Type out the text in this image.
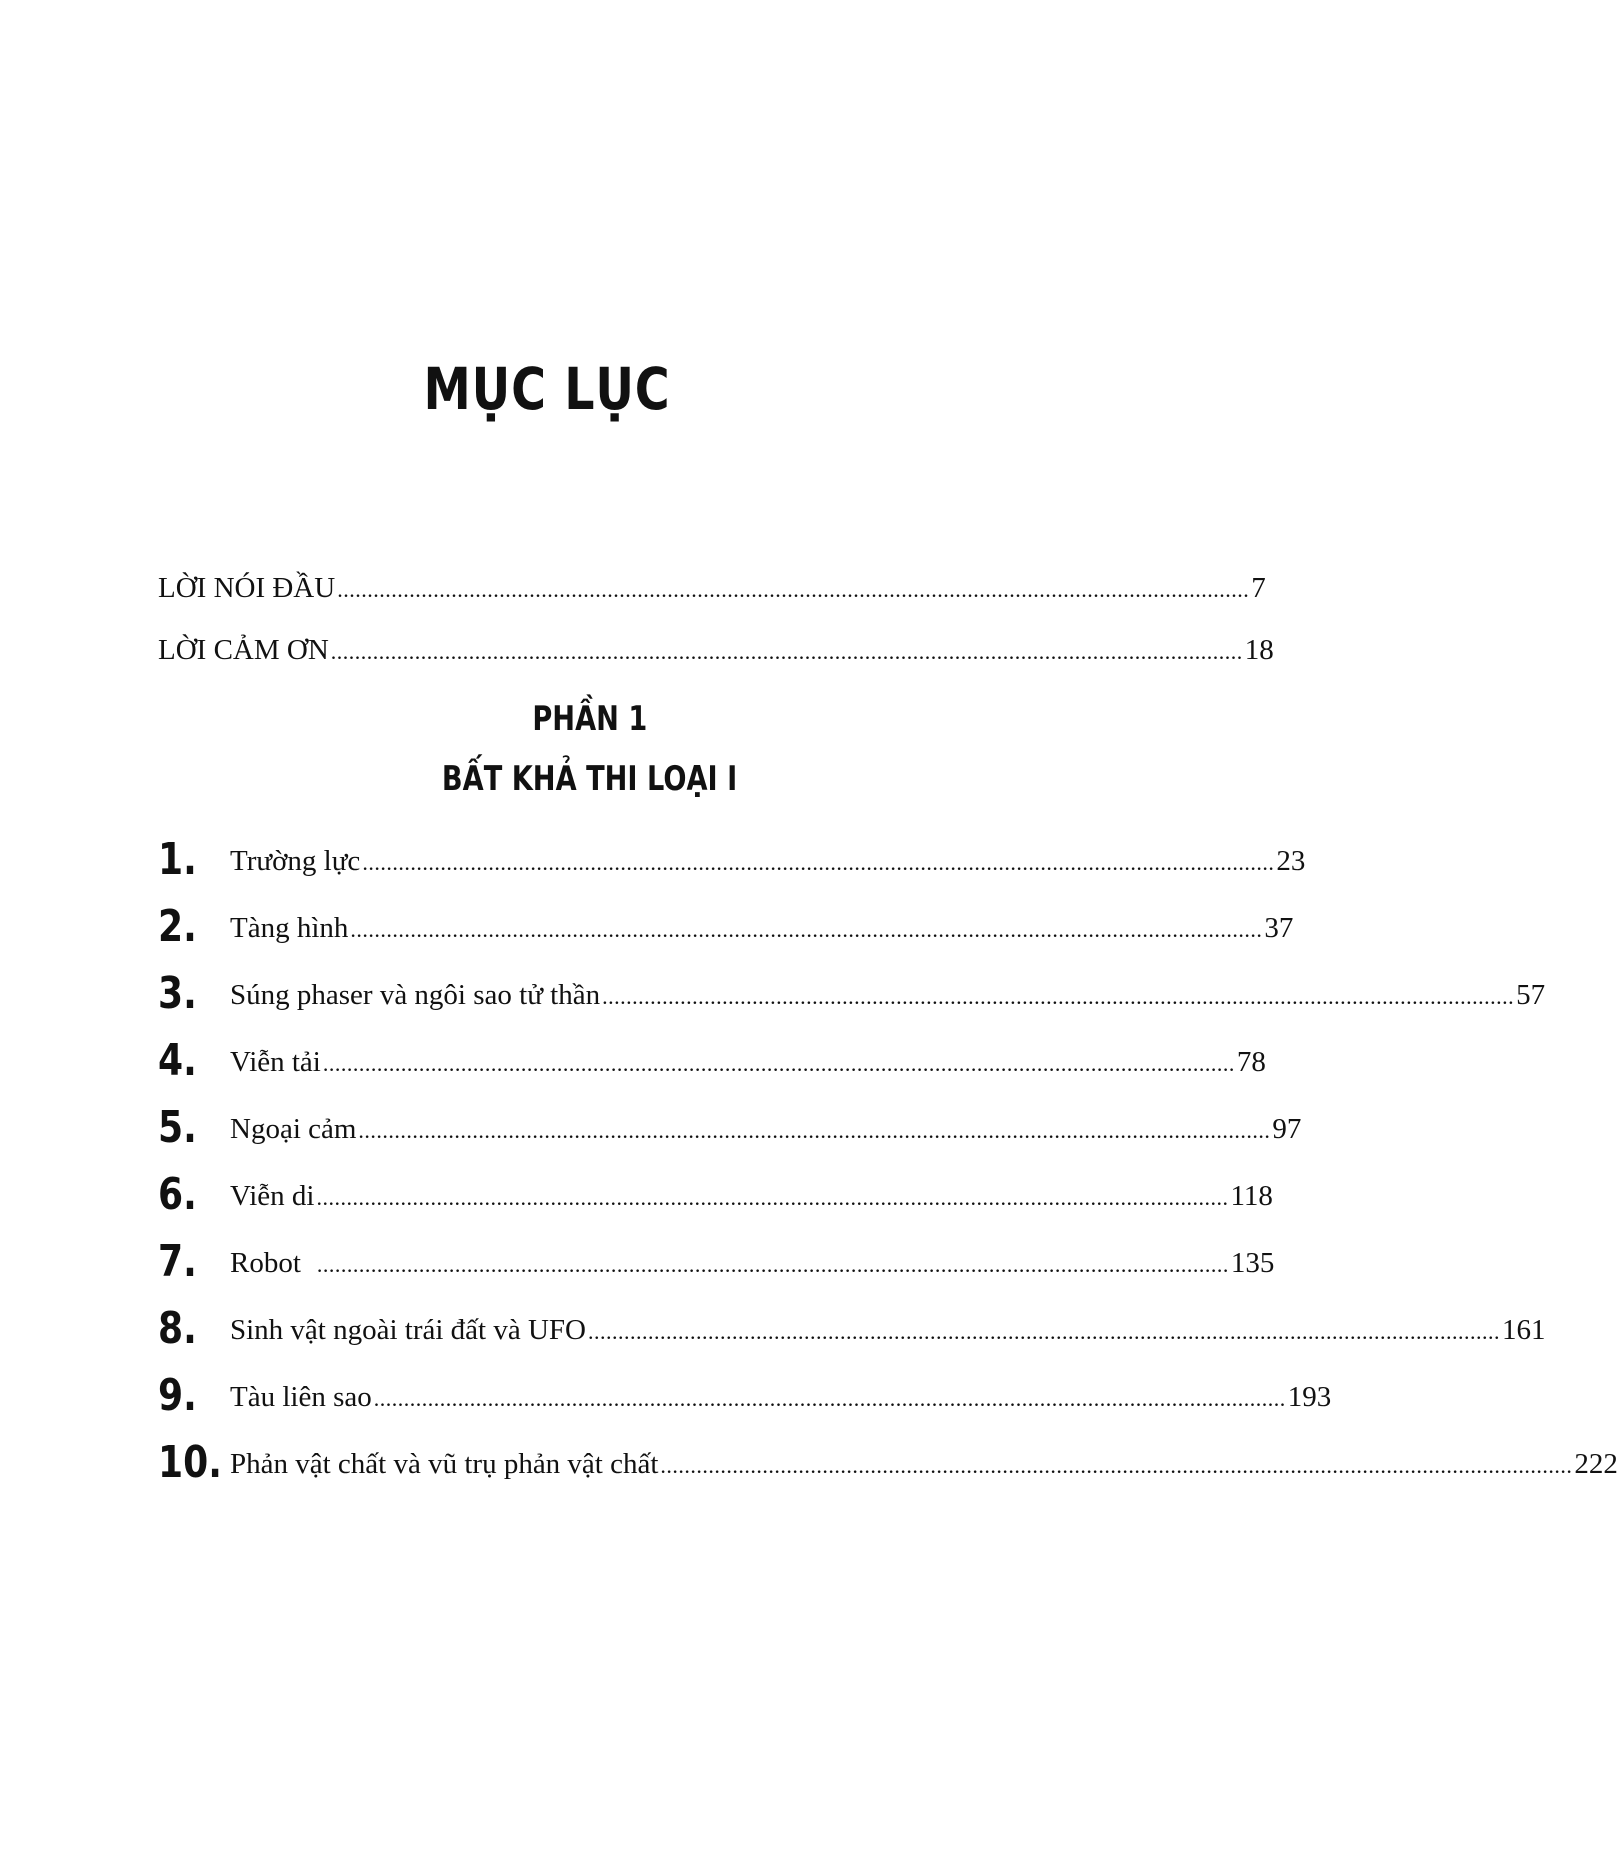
MỤC LỤC
LỜI NÓI ĐẦU ........................................................................................................................................................ 7
LỜI CẢM ƠN ........................................................................................................................................................ 18
PHẦN 1
BẤT KHẢ THI LOẠI I
1. Trường lực ........................................................................................................................................................ 23
2. Tàng hình ........................................................................................................................................................ 37
3. Súng phaser và ngôi sao tử thần ........................................................................................................................................................ 57
4. Viễn tải ........................................................................................................................................................ 78
5. Ngoại cảm ........................................................................................................................................................ 97
6. Viễn di ........................................................................................................................................................ 118
7. Robot ........................................................................................................................................................ 135
8. Sinh vật ngoài trái đất và UFO ........................................................................................................................................................ 161
9. Tàu liên sao ........................................................................................................................................................ 193
10. Phản vật chất và vũ trụ phản vật chất ........................................................................................................................................................ 222
